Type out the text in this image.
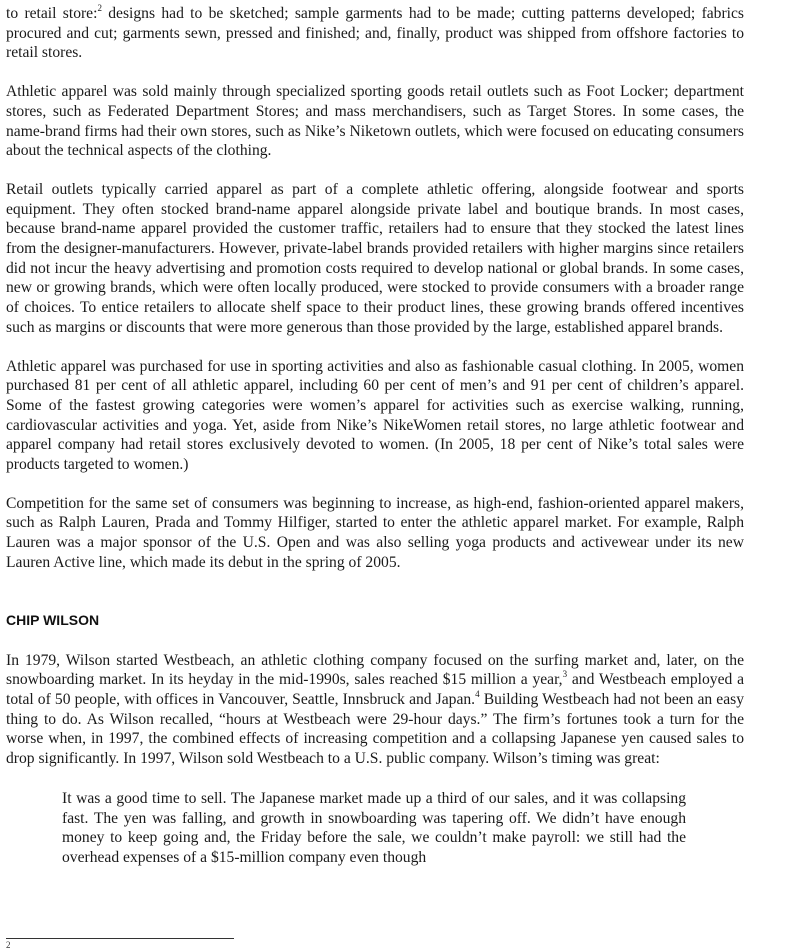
to retail store:$^2$ designs had to be sketched; sample garments had to be made; cutting patterns developed; fabrics procured and cut; garments sewn, pressed and finished; and, finally, product was shipped from offshore factories to retail stores.

Athletic apparel was sold mainly through specialized sporting goods retail outlets such as Foot Locker; department stores, such as Federated Department Stores; and mass merchandisers, such as Target Stores. In some cases, the name-brand firms had their own stores, such as Nike’s Niketown outlets, which were focused on educating consumers about the technical aspects of the clothing.

Retail outlets typically carried apparel as part of a complete athletic offering, alongside footwear and sports equipment. They often stocked brand-name apparel alongside private label and boutique brands. In most cases, because brand-name apparel provided the customer traffic, retailers had to ensure that they stocked the latest lines from the designer-manufacturers. However, private-label brands provided retailers with higher margins since retailers did not incur the heavy advertising and promotion costs required to develop national or global brands. In some cases, new or growing brands, which were often locally produced, were stocked to provide consumers with a broader range of choices. To entice retailers to allocate shelf space to their product lines, these growing brands offered incentives such as margins or discounts that were more generous than those provided by the large, established apparel brands.

Athletic apparel was purchased for use in sporting activities and also as fashionable casual clothing. In 2005, women purchased 81 per cent of all athletic apparel, including 60 per cent of men’s and 91 per cent of children’s apparel. Some of the fastest growing categories were women’s apparel for activities such as exercise walking, running, cardiovascular activities and yoga. Yet, aside from Nike’s NikeWomen retail stores, no large athletic footwear and apparel company had retail stores exclusively devoted to women. (In 2005, 18 per cent of Nike’s total sales were products targeted to women.)

Competition for the same set of consumers was beginning to increase, as high-end, fashion-oriented apparel makers, such as Ralph Lauren, Prada and Tommy Hilfiger, started to enter the athletic apparel market. For example, Ralph Lauren was a major sponsor of the U.S. Open and was also selling yoga products and activewear under its new Lauren Active line, which made its debut in the spring of 2005.

CHIP WILSON

In 1979, Wilson started Westbeach, an athletic clothing company focused on the surfing market and, later, on the snowboarding market. In its heyday in the mid-1990s, sales reached $15 million a year,$^3$ and Westbeach employed a total of 50 people, with offices in Vancouver, Seattle, Innsbruck and Japan.$^4$ Building Westbeach had not been an easy thing to do. As Wilson recalled, “hours at Westbeach were 29-hour days.” The firm’s fortunes took a turn for the worse when, in 1997, the combined effects of increasing competition and a collapsing Japanese yen caused sales to drop significantly. In 1997, Wilson sold Westbeach to a U.S. public company. Wilson’s timing was great:

It was a good time to sell. The Japanese market made up a third of our sales, and it was collapsing fast. The yen was falling, and growth in snowboarding was tapering off. We didn’t have enough money to keep going and, the Friday before the sale, we couldn’t make payroll: we still had the overhead expenses of a $15-million company even though

2
